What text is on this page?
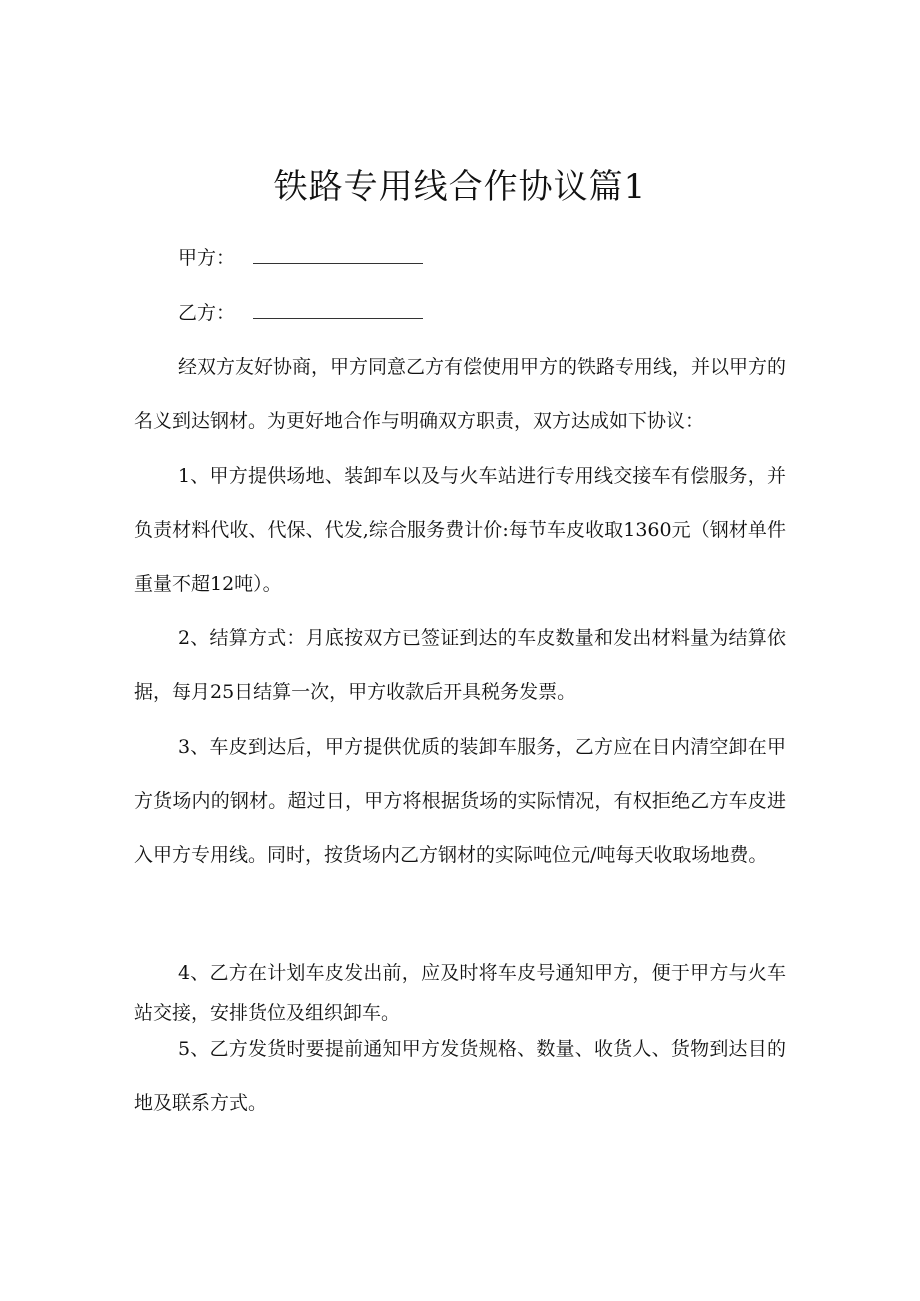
铁路专用线合作协议篇1
甲方：
乙方：

经双方友好协商，甲方同意乙方有偿使用甲方的铁路专用线，并以甲方的名义到达钢材。为更好地合作与明确双方职责，双方达成如下协议：

1、甲方提供场地、装卸车以及与火车站进行专用线交接车有偿服务，并负责材料代收、代保、代发,综合服务费计价:每节车皮收取1360元（钢材单件重量不超12吨）。

2、结算方式：月底按双方已签证到达的车皮数量和发出材料量为结算依据，每月25日结算一次，甲方收款后开具税务发票。

3、车皮到达后，甲方提供优质的装卸车服务，乙方应在日内清空卸在甲方货场内的钢材。超过日，甲方将根据货场的实际情况，有权拒绝乙方车皮进入甲方专用线。同时，按货场内乙方钢材的实际吨位元/吨每天收取场地费。

4、乙方在计划车皮发出前，应及时将车皮号通知甲方，便于甲方与火车站交接，安排货位及组织卸车。

5、乙方发货时要提前通知甲方发货规格、数量、收货人、货物到达目的地及联系方式。
